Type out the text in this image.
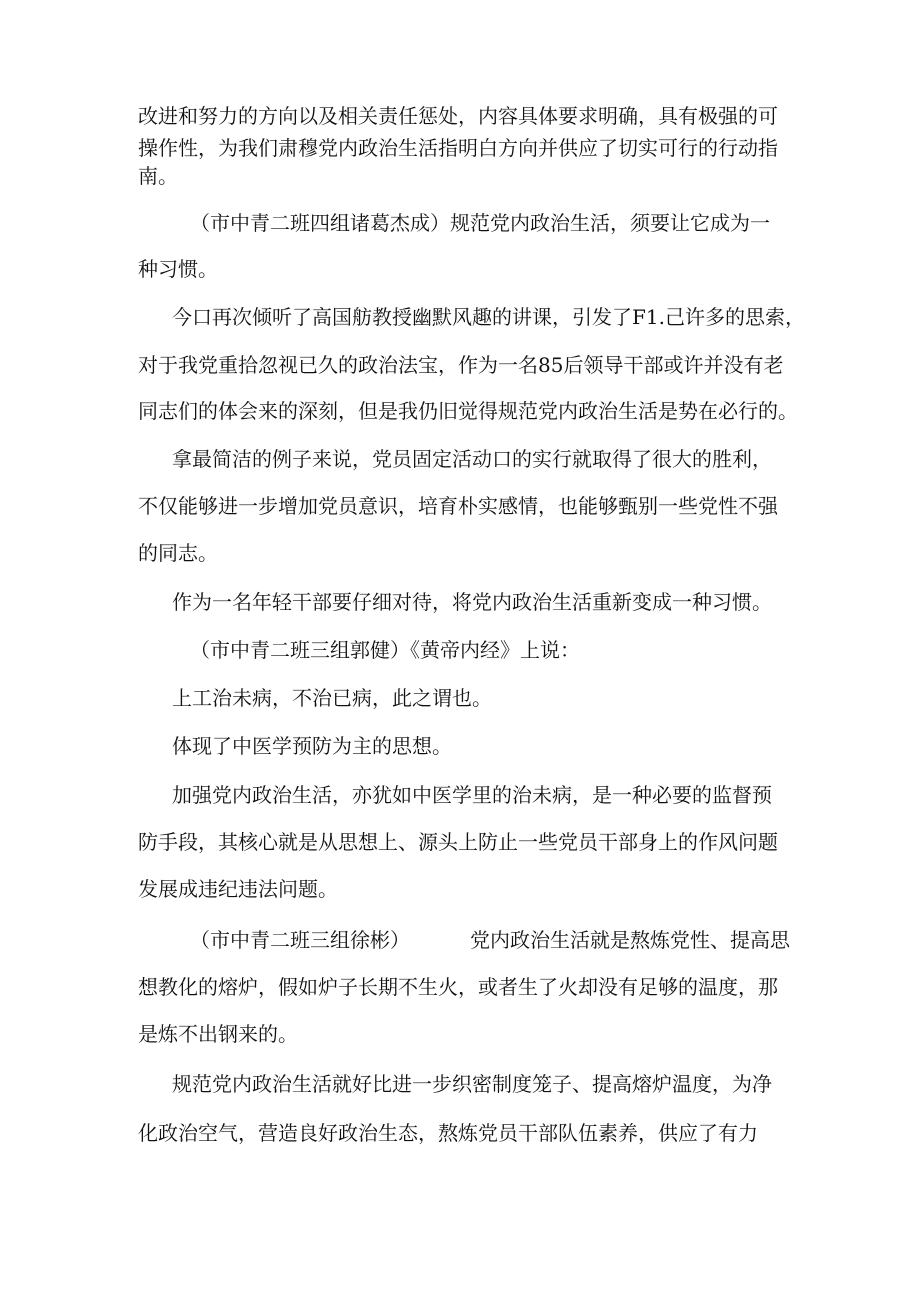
改进和努力的方向以及相关责任惩处，内容具体要求明确，具有极强的可
操作性，为我们肃穆党内政治生活指明白方向并供应了切实可行的行动指
南。
（市中青二班四组诸葛杰成）规范党内政治生活，须要让它成为一
种习惯。
今口再次倾听了高国舫教授幽默风趣的讲课，引发了F1.己许多的思索，
对于我党重拾忽视已久的政治法宝，作为一名85后领导干部或许并没有老
同志们的体会来的深刻，但是我仍旧觉得规范党内政治生活是势在必行的。
拿最简洁的例子来说，党员固定活动口的实行就取得了很大的胜利，
不仅能够进一步增加党员意识，培育朴实感情，也能够甄别一些党性不强
的同志。
作为一名年轻干部要仔细对待，将党内政治生活重新变成一种习惯。
（市中青二班三组郭健）《黄帝内经》上说：
上工治未病，不治已病，此之谓也。
体现了中医学预防为主的思想。
加强党内政治生活，亦犹如中医学里的治未病，是一种必要的监督预
防手段，其核心就是从思想上、源头上防止一些党员干部身上的作风问题
发展成违纪违法问题。
（市中青二班三组徐彬）	党内政治生活就是熬炼党性、提高思
想教化的熔炉，假如炉子长期不生火，或者生了火却没有足够的温度，那
是炼不出钢来的。
规范党内政治生活就好比进一步织密制度笼子、提高熔炉温度，为净
化政治空气，营造良好政治生态，熬炼党员干部队伍素养，供应了有力
